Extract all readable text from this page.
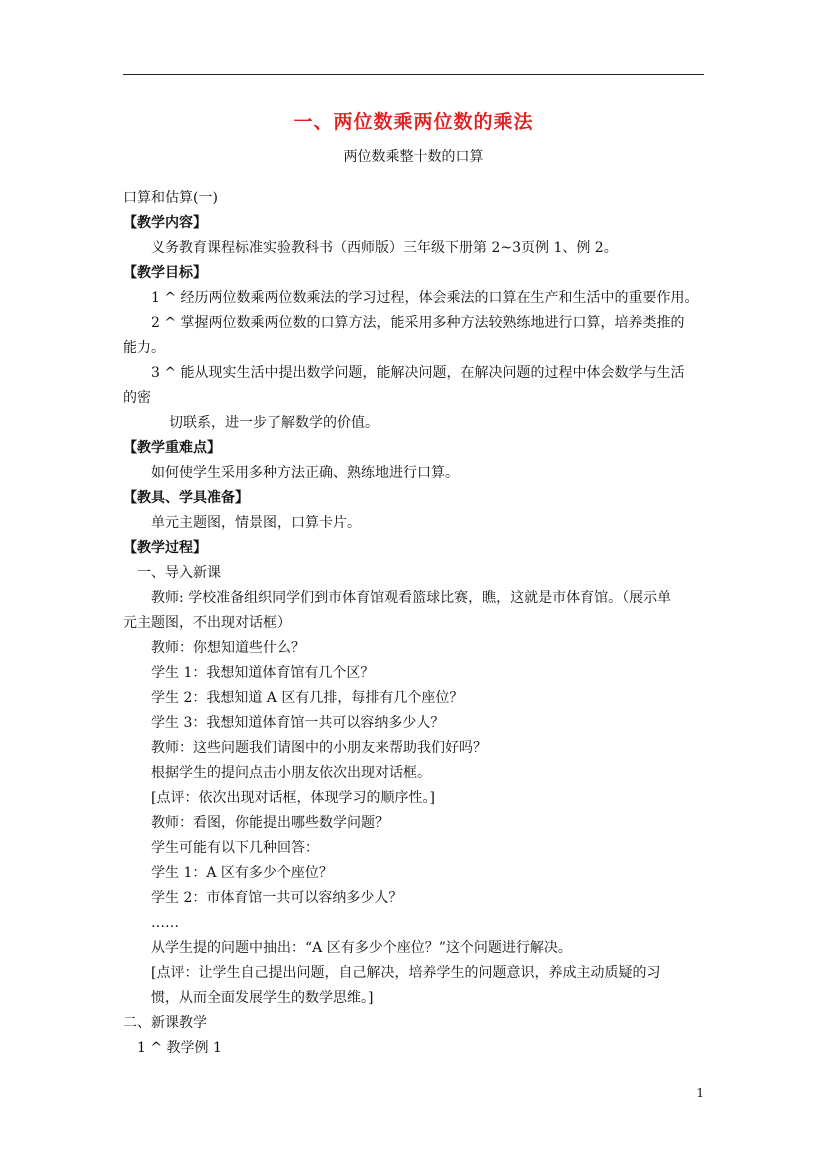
一、两位数乘两位数的乘法
两位数乘整十数的口算
口算和估算(一)
【教学内容】
义务教育课程标准实验教科书（西师版）三年级下册第 2~3页例 1、例 2。
【教学目标】
1 ^ 经历两位数乘两位数乘法的学习过程，体会乘法的口算在生产和生活中的重要作用。
2 ^ 掌握两位数乘两位数的口算方法，能采用多种方法较熟练地进行口算，培养类推的
能力。
3 ^ 能从现实生活中提出数学问题，能解决问题，在解决问题的过程中体会数学与生活
的密
切联系，进一步了解数学的价值。
【教学重难点】
如何使学生采用多种方法正确、熟练地进行口算。
【教具、学具准备】
单元主题图，情景图，口算卡片。
【教学过程】
一、导入新课
教师: 学校准备组织同学们到市体育馆观看篮球比赛，瞧，这就是市体育馆。（展示单
元主题图，不出现对话框）
教师：你想知道些什么？
学生 1：我想知道体育馆有几个区？
学生 2：我想知道 A 区有几排，每排有几个座位？
学生 3：我想知道体育馆一共可以容纳多少人？
教师：这些问题我们请图中的小朋友来帮助我们好吗？
根据学生的提问点击小朋友依次出现对话框。
[点评：依次出现对话框，体现学习的顺序性。]
教师：看图，你能提出哪些数学问题？
学生可能有以下几种回答：
学生 1：A 区有多少个座位？
学生 2：市体育馆一共可以容纳多少人？
……
从学生提的问题中抽出：“A 区有多少个座位？”这个问题进行解决。
[点评：让学生自己提出问题，自己解决，培养学生的问题意识，养成主动质疑的习
惯，从而全面发展学生的数学思维。]
二、新课教学
1 ^ 教学例 1
1
